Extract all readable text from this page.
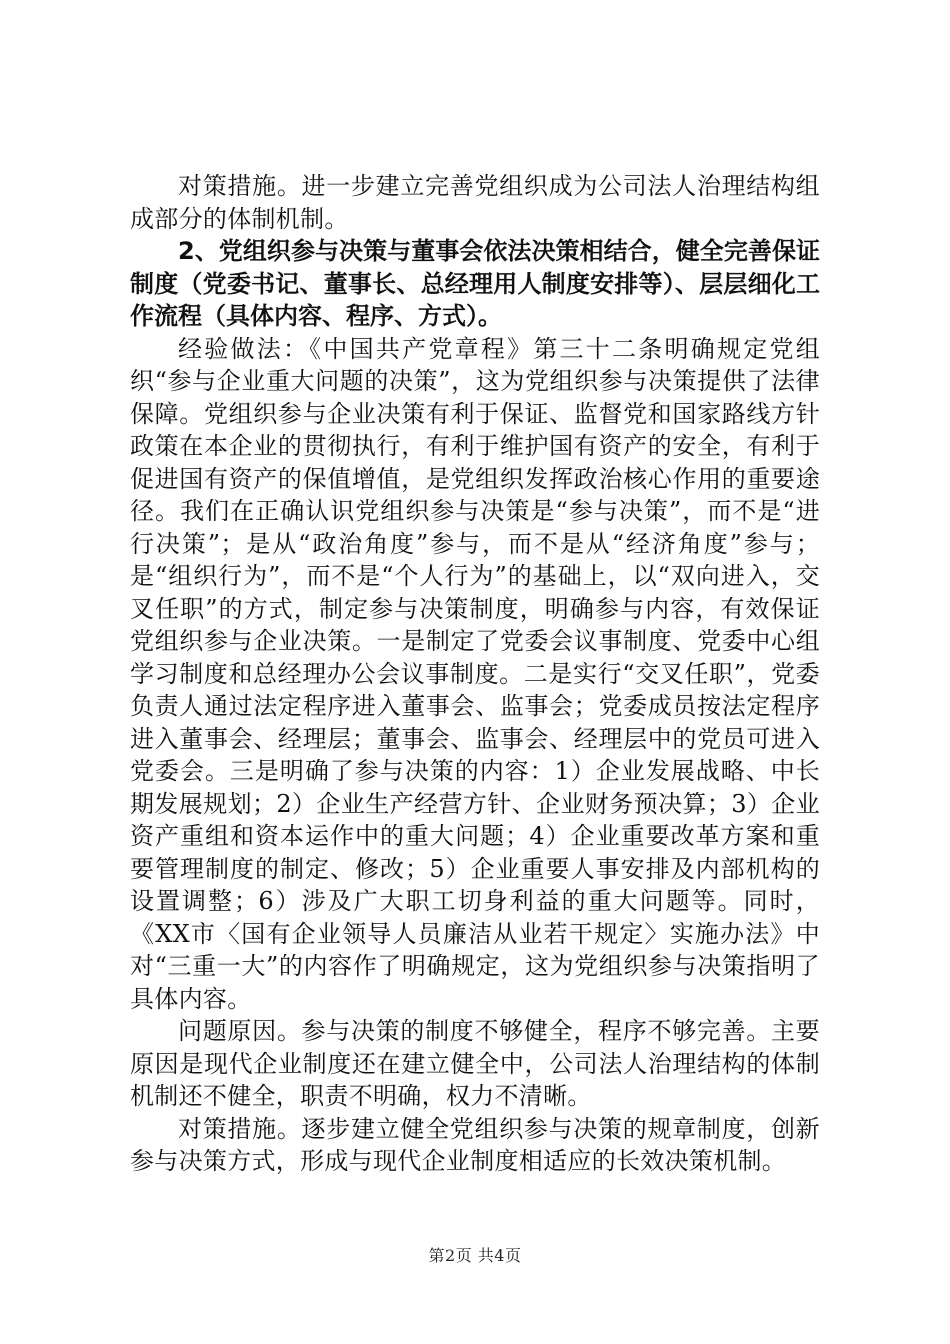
对策措施。进一步建立完善党组织成为公司法人治理结构组成部分的体制机制。

2、党组织参与决策与董事会依法决策相结合，健全完善保证制度（党委书记、董事长、总经理用人制度安排等）、层层细化工作流程（具体内容、程序、方式）。

经验做法：《中国共产党章程》第三十二条明确规定党组织“参与企业重大问题的决策”，这为党组织参与决策提供了法律保障。党组织参与企业决策有利于保证、监督党和国家路线方针政策在本企业的贯彻执行，有利于维护国有资产的安全，有利于促进国有资产的保值增值，是党组织发挥政治核心作用的重要途径。我们在正确认识党组织参与决策是“参与决策”，而不是“进行决策”；是从“政治角度”参与，而不是从“经济角度”参与；是“组织行为”，而不是“个人行为”的基础上，以“双向进入，交叉任职”的方式，制定参与决策制度，明确参与内容，有效保证党组织参与企业决策。一是制定了党委会议事制度、党委中心组学习制度和总经理办公会议事制度。二是实行“交叉任职”，党委负责人通过法定程序进入董事会、监事会；党委成员按法定程序进入董事会、经理层；董事会、监事会、经理层中的党员可进入党委会。三是明确了参与决策的内容：1）企业发展战略、中长期发展规划；2）企业生产经营方针、企业财务预决算；3）企业资产重组和资本运作中的重大问题；4）企业重要改革方案和重要管理制度的制定、修改；5）企业重要人事安排及内部机构的设置调整；6）涉及广大职工切身利益的重大问题等。同时，《XX市〈国有企业领导人员廉洁从业若干规定〉实施办法》中对“三重一大”的内容作了明确规定，这为党组织参与决策指明了具体内容。

问题原因。参与决策的制度不够健全，程序不够完善。主要原因是现代企业制度还在建立健全中，公司法人治理结构的体制机制还不健全，职责不明确，权力不清晰。

对策措施。逐步建立健全党组织参与决策的规章制度，创新参与决策方式，形成与现代企业制度相适应的长效决策机制。

第2页 共4页
